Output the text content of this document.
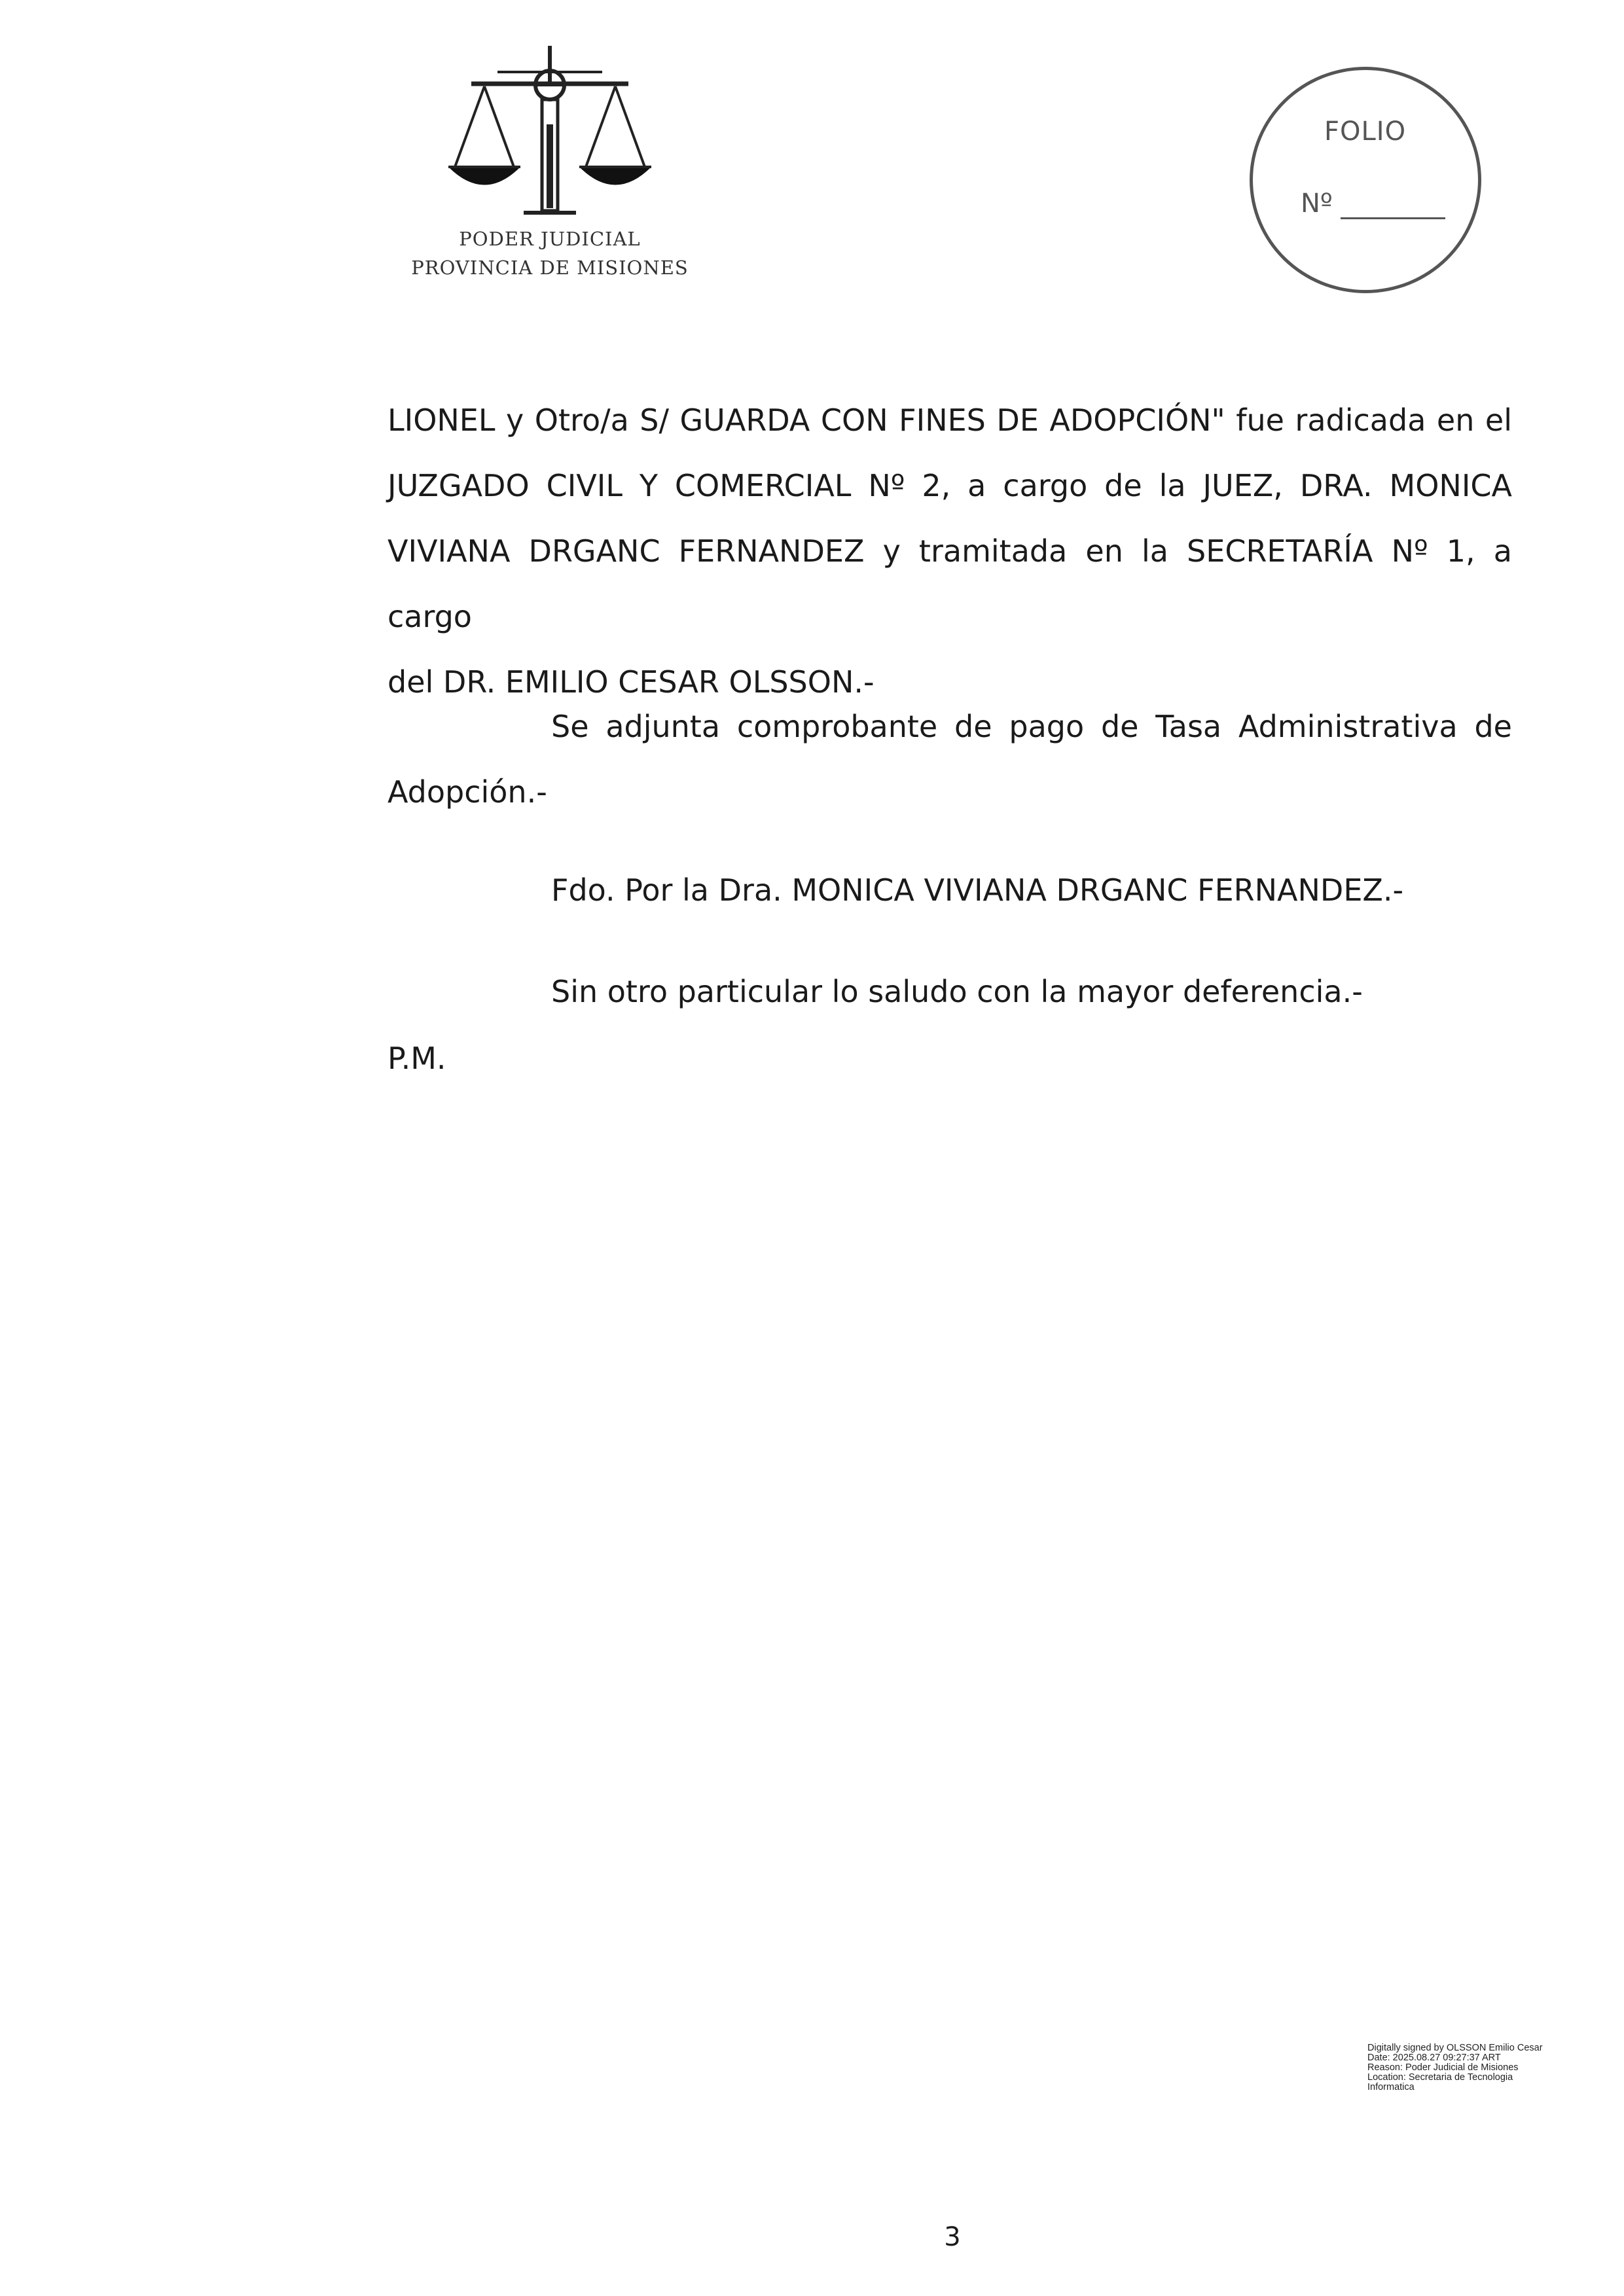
PODER JUDICIAL
PROVINCIA DE MISIONES
FOLIO
Nº
LIONEL y Otro/a S/ GUARDA CON FINES DE ADOPCIÓN" fue radicada en el
JUZGADO CIVIL Y COMERCIAL Nº 2, a cargo de la JUEZ, DRA. MONICA
VIVIANA DRGANC FERNANDEZ y tramitada en la SECRETARÍA Nº 1, a cargo
del DR. EMILIO CESAR OLSSON.-
Se adjunta comprobante de pago de Tasa Administrativa de
Adopción.-

Fdo. Por la Dra. MONICA VIVIANA DRGANC FERNANDEZ.-

Sin otro particular lo saludo con la mayor deferencia.-

P.M.

Digitally signed by OLSSON Emilio Cesar
Date: 2025.08.27 09:27:37 ART
Reason: Poder Judicial de Misiones
Location: Secretaria de Tecnologia
Informatica
3
